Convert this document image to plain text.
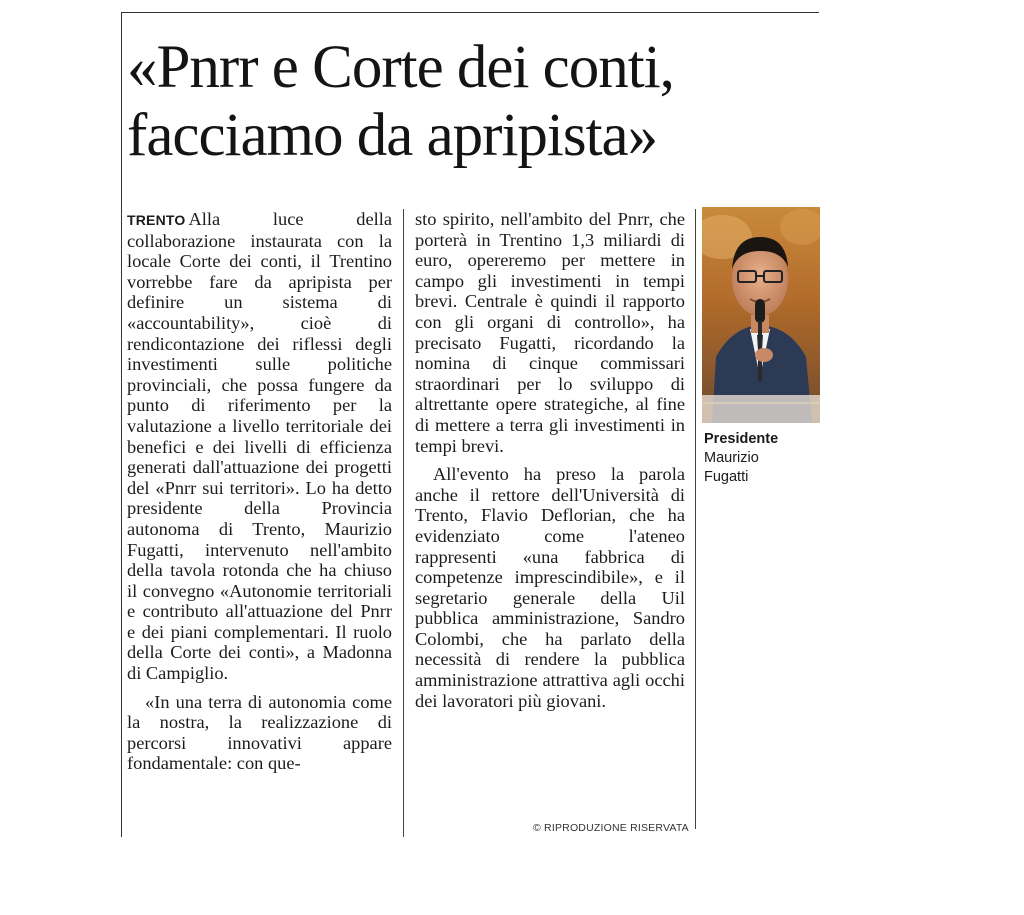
«Pnrr e Corte dei conti,
facciamo da apripista»

TRENTO Alla luce della collaborazione instaurata con la locale Corte dei conti, il Trentino vorrebbe fare da apripista per definire un sistema di «accountability», cioè di rendicontazione dei riflessi degli investimenti sulle politiche provinciali, che possa fungere da punto di riferimento per la valutazione a livello territoriale dei benefici e dei livelli di efficienza generati dall'attuazione dei progetti del «Pnrr sui territori». Lo ha detto presidente della Provincia autonoma di Trento, Maurizio Fugatti, intervenuto nell'ambito della tavola rotonda che ha chiuso il convegno «Autonomie territoriali e contributo all'attuazione del Pnrr e dei piani complementari. Il ruolo della Corte dei conti», a Madonna di Campiglio.

«In una terra di autonomia come la nostra, la realizzazione di percorsi innovativi appare fondamentale: con que-

sto spirito, nell'ambito del Pnrr, che porterà in Trentino 1,3 miliardi di euro, opereremo per mettere in campo gli investimenti in tempi brevi. Centrale è quindi il rapporto con gli organi di controllo», ha precisato Fugatti, ricordando la nomina di cinque commissari straordinari per lo sviluppo di altrettante opere strategiche, al fine di mettere a terra gli investimenti in tempi brevi.

All'evento ha preso la parola anche il rettore dell'Università di Trento, Flavio Deflorian, che ha evidenziato come l'ateneo rappresenti «una fabbrica di competenze imprescindibile», e il segretario generale della Uil pubblica amministrazione, Sandro Colombi, che ha parlato della necessità di rendere la pubblica amministrazione attrattiva agli occhi dei lavoratori più giovani.

© RIPRODUZIONE RISERVATA
Presidente
Maurizio
Fugatti
